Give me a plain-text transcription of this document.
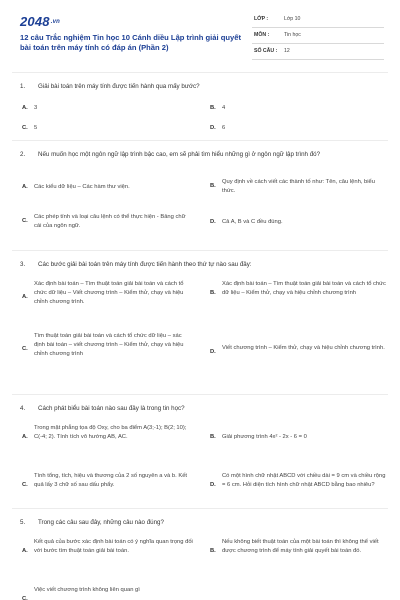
$2048^{.vn}$
12 câu Trắc nghiệm Tin học 10 Cánh diều Lập trình giải quyết bài toán trên máy tính có đáp án (Phần 2)
LỚP :	Lớp 10
MÔN :	Tin học
SỐ CÂU : 12
1. Giải bài toán trên máy tính được tiến hành qua mấy bước?
A. 3	B. 4
C. 5	D. 6
2. Nếu muốn học một ngôn ngữ lập trình bậc cao, em sẽ phải tìm hiểu những gì ở ngôn ngữ lập trình đó?
A. Các kiểu dữ liệu – Các hàm thư viện.	B.
Quy định về cách viết các thành tố như: Tên, câu lệnh, biểu thức.
C.
Các phép tính và loại câu lệnh có thể thực hiện - Bảng chữ cái của ngôn ngữ.
D. Cả A, B và C đều đúng.
3. Các bước giải bài toán trên máy tính được tiến hành theo thứ tự nào sau đây:
A.
Xác định bài toán – Tìm thuật toán giải bài toán và cách tổ chức dữ liệu – Viết chương trình – Kiểm thử, chạy và hiệu chỉnh chương trình.
B.
Xác định bài toán – Tìm thuật toán giải bài toán và cách tổ chức dữ liệu – Kiểm thử, chạy và hiệu chỉnh chương trình
C.
Tìm thuật toán giải bài toán và cách tổ chức dữ liệu – xác định bài toán – viết chương trình – Kiểm thử, chạy và hiệu chỉnh chương trình	D.
Viết chương trình – Kiểm thử, chạy và hiệu chỉnh chương trình.
4. Cách phát biểu bài toán nào sau đây là trong tin học?
A.
Trong mặt phẳng tọa độ Oxy, cho ba điểm A(3;-1); B(2; 10); C(-4; 2). Tính tích vô hướng AB, AC.	B. Giải phương trình 4x² - 2x - 6 = 0
C.
Tính tổng, tích, hiệu và thương của 2 số nguyên a và b. Kết quả lấy 3 chữ số sau dấu phẩy.	D.
Có một hình chữ nhật ABCD với chiều dài = 9 cm và chiều rộng = 6 cm. Hỏi diện tích hình chữ nhật ABCD bằng bao nhiêu?
5. Trong các câu sau đây, những câu nào đúng?
A.
Kết quả của bước xác định bài toán có ý nghĩa quan trọng đối với bước tìm thuật toán giải bài toán.	B.
Nếu không biết thuật toán của một bài toán thì không thể viết được chương trình để máy tính giải quyết bài toán đó.
C.
Việc viết chương trình không liên quan gì
